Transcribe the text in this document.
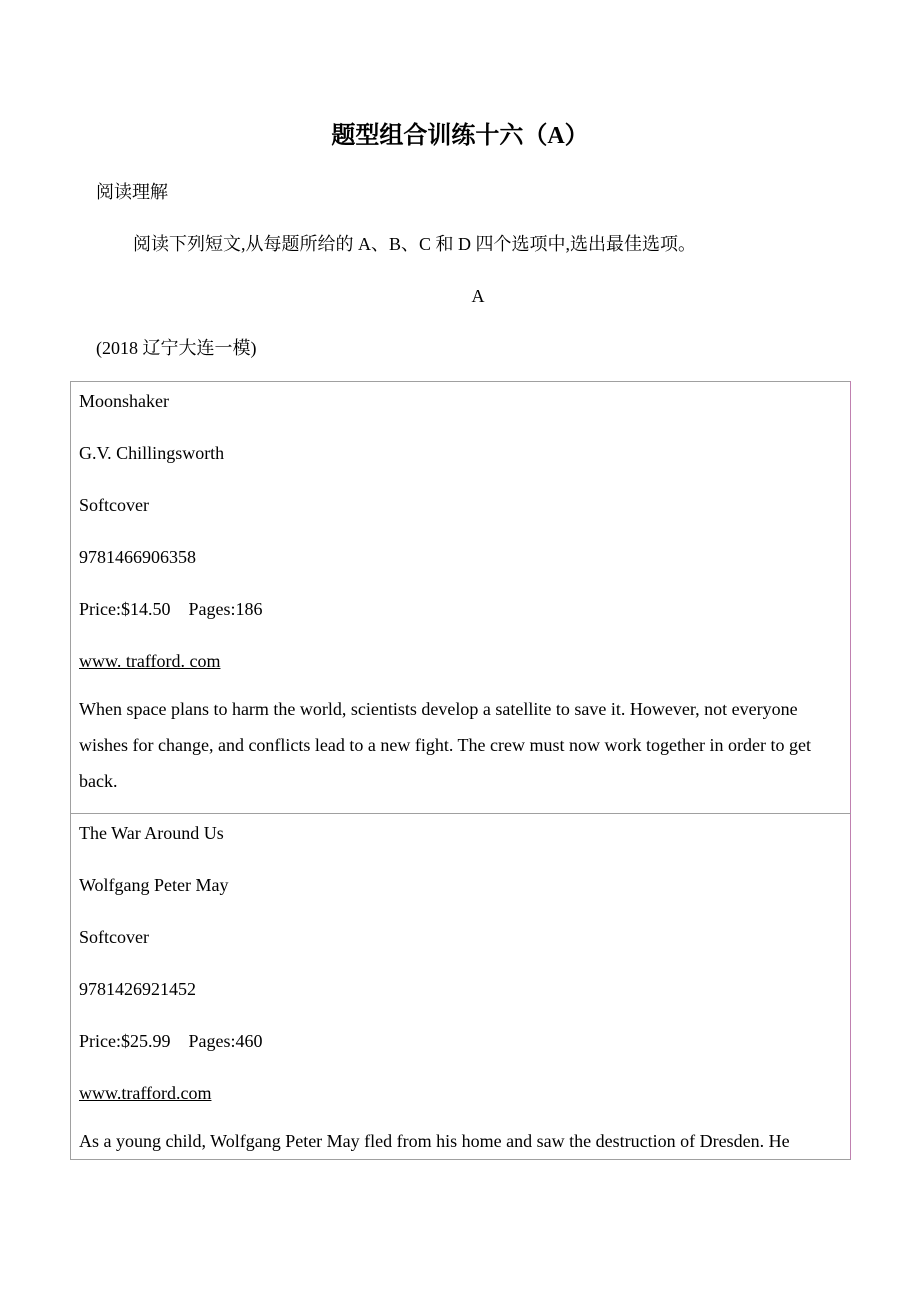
题型组合训练十六（A）
阅读理解
阅读下列短文,从每题所给的 A、B、C 和 D 四个选项中,选出最佳选项。
A
(2018 辽宁大连一模)
Moonshaker
G.V. Chillingsworth
Softcover
9781466906358
Price:$14.50    Pages:186
www. trafford. com
When space plans to harm the world, scientists develop a satellite to save it. However, not everyone wishes for change, and conflicts lead to a new fight. The crew must now work together in order to get back.

The War Around Us
Wolfgang Peter May
Softcover
9781426921452
Price:$25.99    Pages:460
www.trafford.com
As a young child, Wolfgang Peter May fled from his home and saw the destruction of Dresden. He
